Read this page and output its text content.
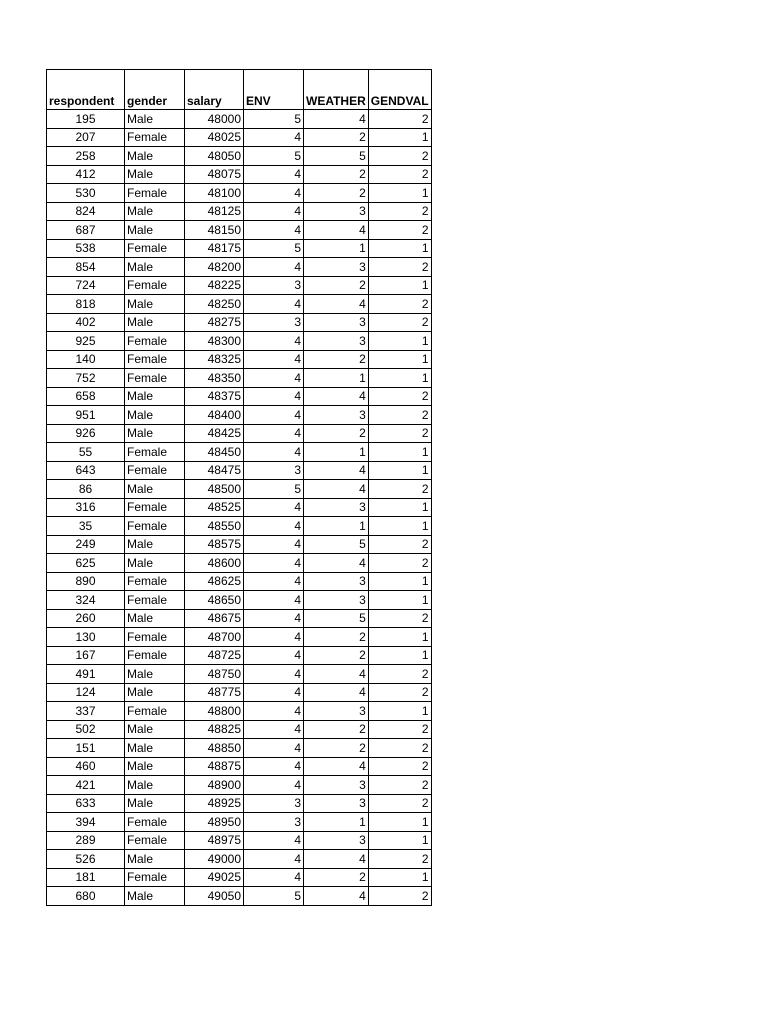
respondent	gender	salary	ENV	WEATHER	GENDVAL
195	Male	48000	5	4	2
207	Female	48025	4	2	1
258	Male	48050	5	5	2
412	Male	48075	4	2	2
530	Female	48100	4	2	1
824	Male	48125	4	3	2
687	Male	48150	4	4	2
538	Female	48175	5	1	1
854	Male	48200	4	3	2
724	Female	48225	3	2	1
818	Male	48250	4	4	2
402	Male	48275	3	3	2
925	Female	48300	4	3	1
140	Female	48325	4	2	1
752	Female	48350	4	1	1
658	Male	48375	4	4	2
951	Male	48400	4	3	2
926	Male	48425	4	2	2
55	Female	48450	4	1	1
643	Female	48475	3	4	1
86	Male	48500	5	4	2
316	Female	48525	4	3	1
35	Female	48550	4	1	1
249	Male	48575	4	5	2
625	Male	48600	4	4	2
890	Female	48625	4	3	1
324	Female	48650	4	3	1
260	Male	48675	4	5	2
130	Female	48700	4	2	1
167	Female	48725	4	2	1
491	Male	48750	4	4	2
124	Male	48775	4	4	2
337	Female	48800	4	3	1
502	Male	48825	4	2	2
151	Male	48850	4	2	2
460	Male	48875	4	4	2
421	Male	48900	4	3	2
633	Male	48925	3	3	2
394	Female	48950	3	1	1
289	Female	48975	4	3	1
526	Male	49000	4	4	2
181	Female	49025	4	2	1
680	Male	49050	5	4	2
